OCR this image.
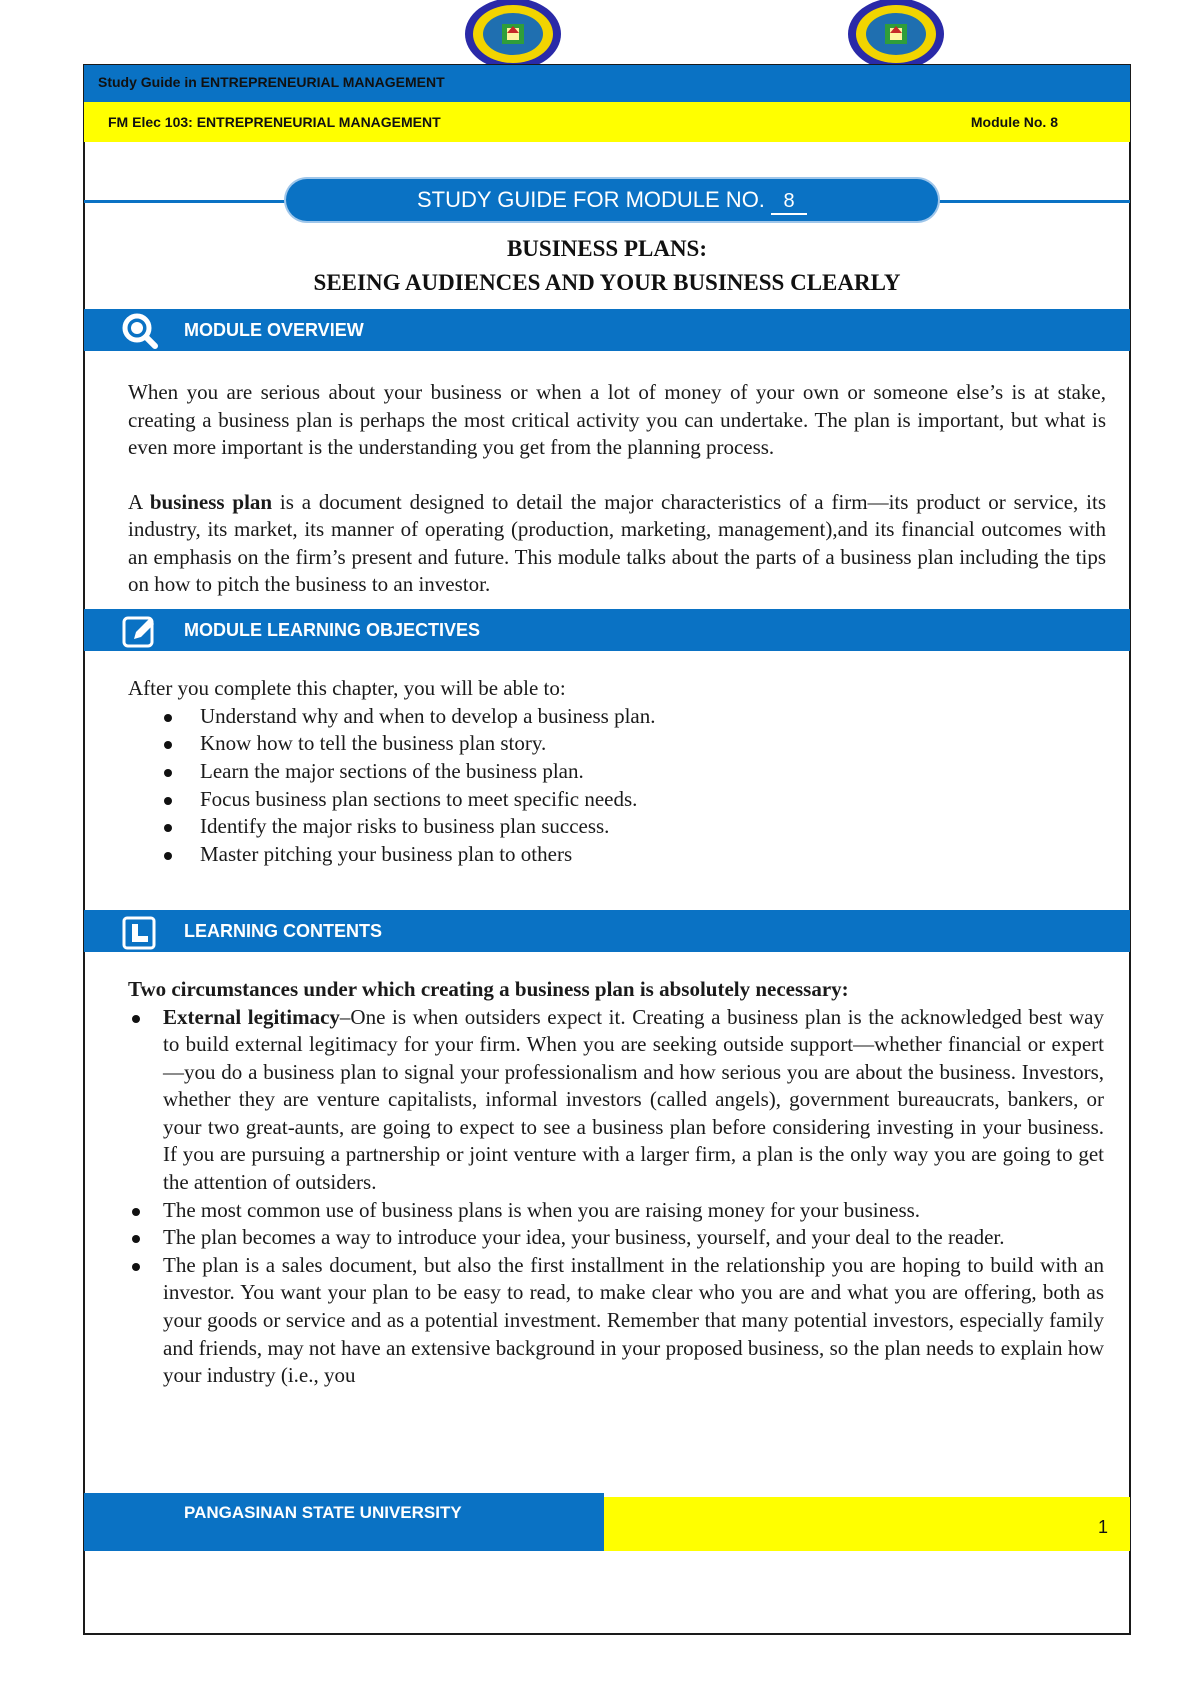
Study Guide in ENTREPRENEURIAL MANAGEMENT
FM Elec 103: ENTREPRENEURIAL MANAGEMENT	Module No. 8
STUDY GUIDE FOR MODULE NO. 8
BUSINESS PLANS:
SEEING AUDIENCES AND YOUR BUSINESS CLEARLY
MODULE OVERVIEW

When you are serious about your business or when a lot of money of your own or someone else’s is at stake, creating a business plan is perhaps the most critical activity you can undertake. The plan is important, but what is even more important is the understanding you get from the planning process.

A business plan is a document designed to detail the major characteristics of a firm—its product or service, its industry, its market, its manner of operating (production, marketing, management),and its financial outcomes with an emphasis on the firm’s present and future. This module talks about the parts of a business plan including the tips on how to pitch the business to an investor.

MODULE LEARNING OBJECTIVES

After you complete this chapter, you will be able to:

Understand why and when to develop a business plan.
Know how to tell the business plan story.
Learn the major sections of the business plan.
Focus business plan sections to meet specific needs.
Identify the major risks to business plan success.
Master pitching your business plan to others
LEARNING CONTENTS

Two circumstances under which creating a business plan is absolutely necessary:

External legitimacy–One is when outsiders expect it. Creating a business plan is the acknowledged best way to build external legitimacy for your firm. When you are seeking outside support—whether financial or expert—you do a business plan to signal your professionalism and how serious you are about the business. Investors, whether they are venture capitalists, informal investors (called angels), government bureaucrats, bankers, or your two great-aunts, are going to expect to see a business plan before considering investing in your business. If you are pursuing a partnership or joint venture with a larger firm, a plan is the only way you are going to get the attention of outsiders.
The most common use of business plans is when you are raising money for your business.
The plan becomes a way to introduce your idea, your business, yourself, and your deal to the reader.
The plan is a sales document, but also the first installment in the relationship you are hoping to build with an investor. You want your plan to be easy to read, to make clear who you are and what you are offering, both as your goods or service and as a potential investment. Remember that many potential investors, especially family and friends, may not have an extensive background in your proposed business, so the plan needs to explain how your industry (i.e., you
PANGASINAN STATE UNIVERSITY
1
